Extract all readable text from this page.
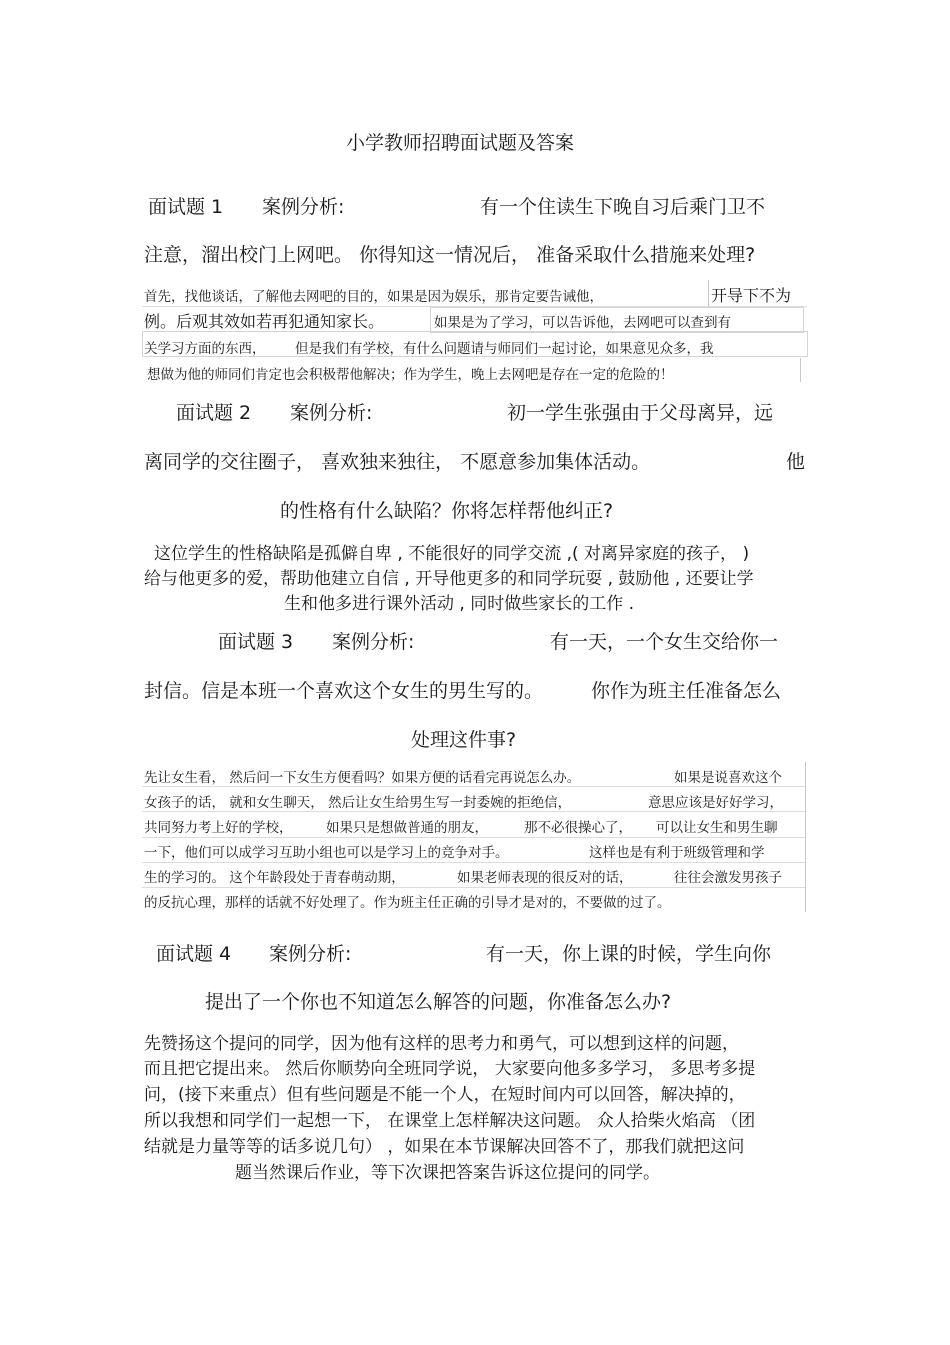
小学教师招聘面试题及答案
面试题 1 案例分析:	有一个住读生下晚自习后乘门卫不
注意，溜出校门上网吧。 你得知这一情况后， 准备采取什么措施来处理?
首先，找他谈话，了解他去网吧的目的，如果是因为娱乐，那肯定要告诫他，	开导下不为
例。后观其效如若再犯通知家长。	如果是为了学习，可以告诉他，去网吧可以查到有
关学习方面的东西， 但是我们有学校，有什么问题请与师同们一起讨论，如果意见众多，我
想做为他的师同们肯定也会积极帮他解决；作为学生，晚上去网吧是存在一定的危险的！
面试题 2 案例分析:	初一学生张强由于父母离异，远
离同学的交往圈子， 喜欢独来独往， 不愿意参加集体活动。	他
的性格有什么缺陷？你将怎样帮他纠正?
这位学生的性格缺陷是孤僻自卑 , 不能很好的同学交流 ,( 对离异家庭的孩子， )
给与他更多的爱，帮助他建立自信 , 开导他更多的和同学玩耍 , 鼓励他 , 还要让学
生和他多进行课外活动 , 同时做些家长的工作 .
面试题 3 案例分析:	有一天，一个女生交给你一
封信。信是本班一个喜欢这个女生的男生写的。	你作为班主任准备怎么
处理这件事?
先让女生看， 然后问一下女生方便看吗？如果方便的话看完再说怎么办。	如果是说喜欢这个
女孩子的话， 就和女生聊天， 然后让女生给男生写一封委婉的拒绝信，	意思应该是好好学习，
共同努力考上好的学校， 如果只是想做普通的朋友，	那不必很操心了， 可以让女生和男生聊
一下，他们可以成学习互助小组也可以是学习上的竞争对手。	这样也是有利于班级管理和学
生的学习的。 这个年龄段处于青春萌动期，	如果老师表现的很反对的话，	往往会激发男孩子
的反抗心理，那样的话就不好处理了。作为班主任正确的引导才是对的，不要做的过了。
面试题 4 案例分析:	有一天，你上课的时候，学生向你
提出了一个你也不知道怎么解答的问题，你准备怎么办?
先赞扬这个提问的同学，因为他有这样的思考力和勇气，可以想到这样的问题，
而且把它提出来。 然后你顺势向全班同学说， 大家要向他多多学习， 多思考多提
问，(接下来重点）但有些问题是不能一个人，在短时间内可以回答，解决掉的，
所以我想和同学们一起想一下， 在课堂上怎样解决这问题。 众人拾柴火焰高 （团
结就是力量等等的话多说几句） ，如果在本节课解决回答不了，那我们就把这问
题当然课后作业，等下次课把答案告诉这位提问的同学。
